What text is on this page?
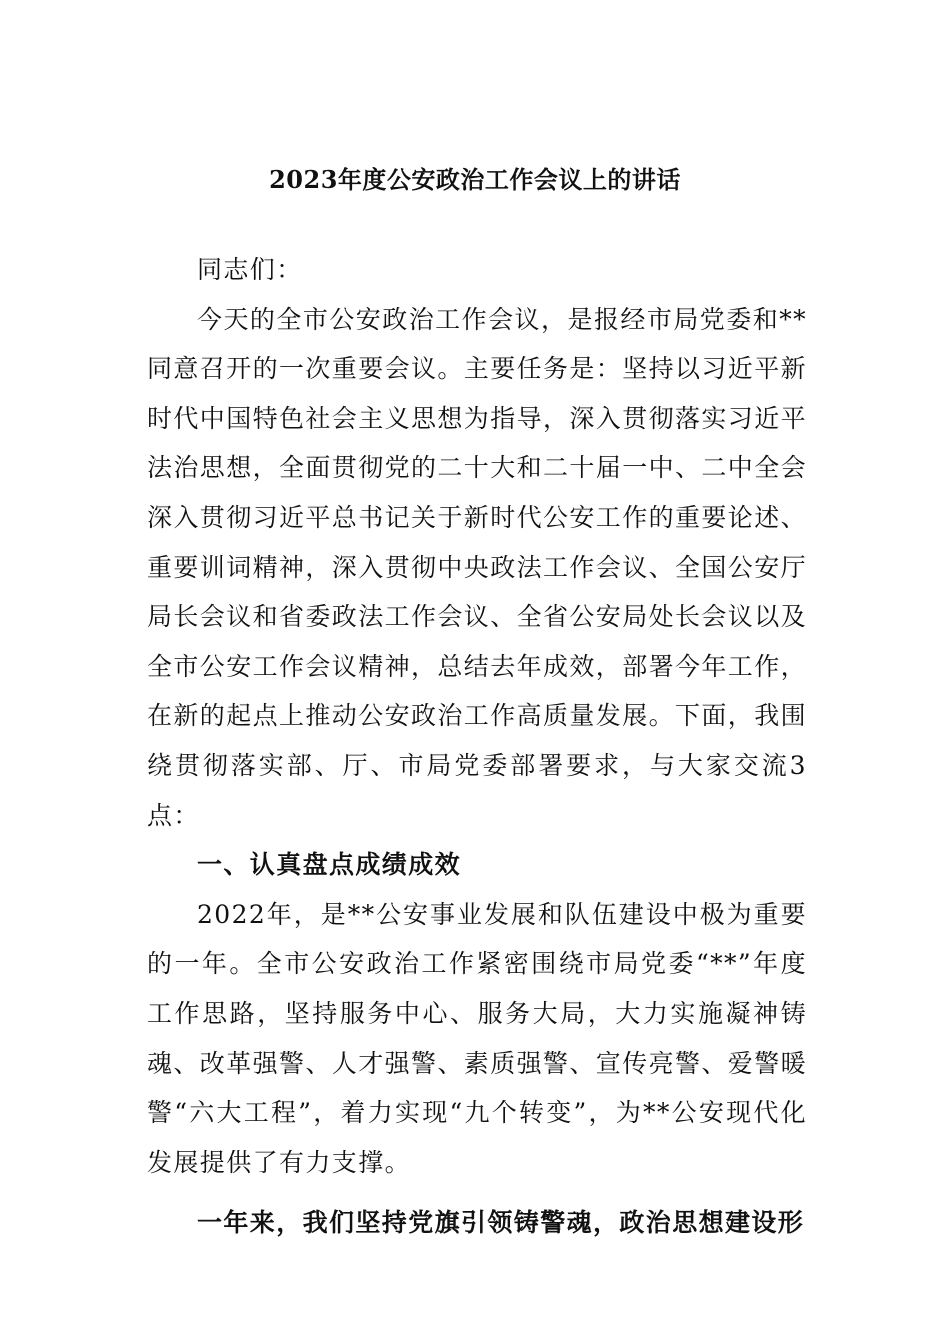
2023年度公安政治工作会议上的讲话

同志们：

今天的全市公安政治工作会议，是报经市局党委和**同意召开的一次重要会议。主要任务是：坚持以习近平新时代中国特色社会主义思想为指导，深入贯彻落实习近平法治思想，全面贯彻党的二十大和二十届一中、二中全会深入贯彻习近平总书记关于新时代公安工作的重要论述、重要训词精神，深入贯彻中央政法工作会议、全国公安厅局长会议和省委政法工作会议、全省公安局处长会议以及全市公安工作会议精神，总结去年成效，部署今年工作，在新的起点上推动公安政治工作高质量发展。下面，我围绕贯彻落实部、厅、市局党委部署要求，与大家交流3点：

一、认真盘点成绩成效

2022年，是**公安事业发展和队伍建设中极为重要的一年。全市公安政治工作紧密围绕市局党委“**”年度工作思路，坚持服务中心、服务大局，大力实施凝神铸魂、改革强警、人才强警、素质强警、宣传亮警、爱警暖警“六大工程”，着力实现“九个转变”，为**公安现代化发展提供了有力支撑。

一年来，我们坚持党旗引领铸警魂，政治思想建设形
